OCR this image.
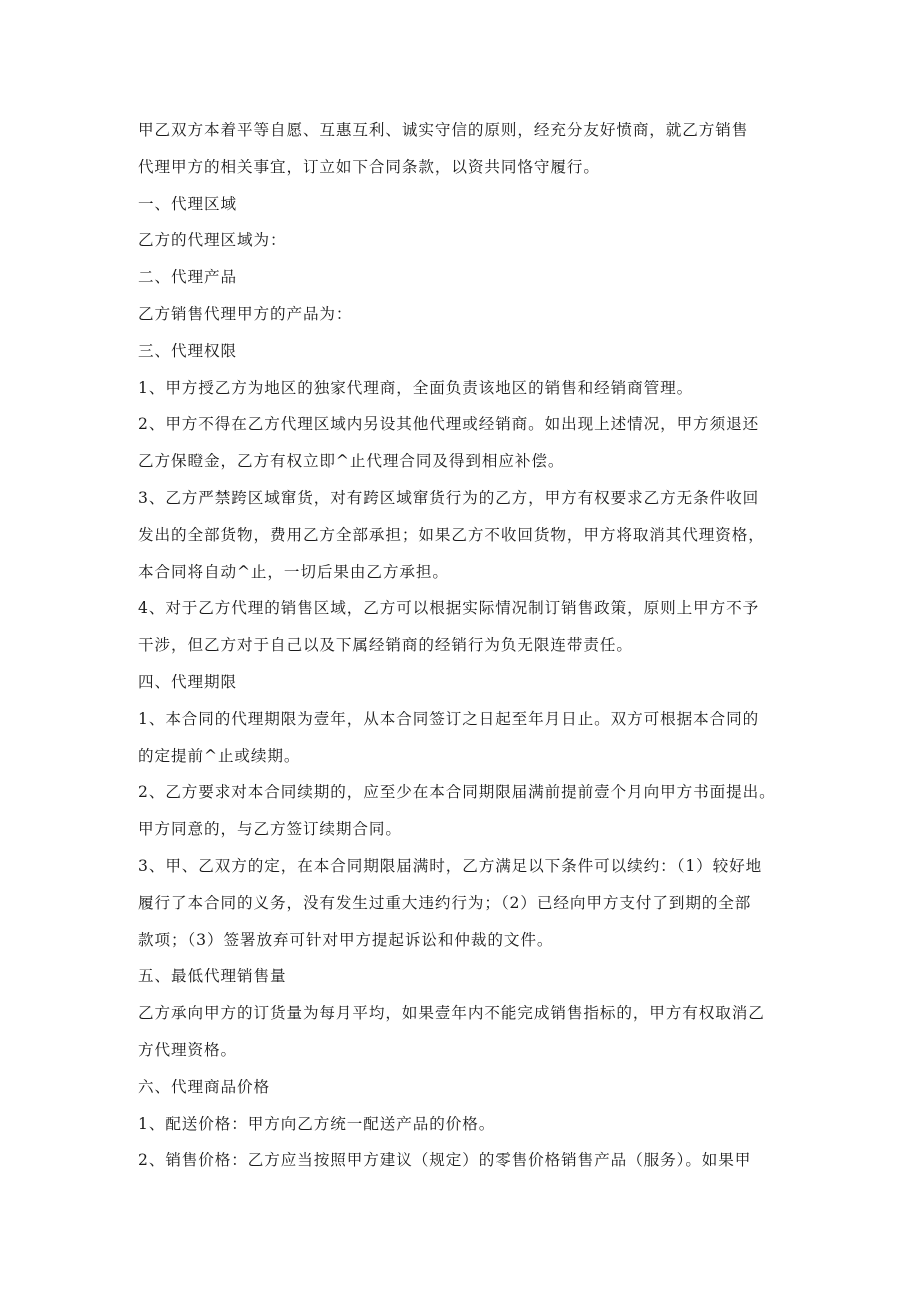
甲乙双方本着平等自愿、互惠互利、诚实守信的原则，经充分友好愤商，就乙方销售

代理甲方的相关事宜，订立如下合同条款，以资共同恪守履行。

一、代理区域

乙方的代理区域为：

二、代理产品

乙方销售代理甲方的产品为：

三、代理权限

1、甲方授乙方为地区的独家代理商，全面负责该地区的销售和经销商管理。

2、甲方不得在乙方代理区域内另设其他代理或经销商。如出现上述情况，甲方须退还

乙方保瞪金，乙方有权立即^止代理合同及得到相应补偿。

3、乙方严禁跨区域窜货，对有跨区域窜货行为的乙方，甲方有权要求乙方无条件收回

发出的全部货物，费用乙方全部承担；如果乙方不收回货物，甲方将取消其代理资格，

本合同将自动^止，一切后果由乙方承担。

4、对于乙方代理的销售区域，乙方可以根据实际情况制订销售政策，原则上甲方不予

干涉，但乙方对于自己以及下属经销商的经销行为负无限连带责任。

四、代理期限

1、本合同的代理期限为壹年，从本合同签订之日起至年月日止。双方可根据本合同的

的定提前^止或续期。

2、乙方要求对本合同续期的，应至少在本合同期限届满前提前壹个月向甲方书面提出。

甲方同意的，与乙方签订续期合同。

3、甲、乙双方的定，在本合同期限届满时，乙方满足以下条件可以续约：（1）较好地

履行了本合同的义务，没有发生过重大违约行为；（2）已经向甲方支付了到期的全部

款项；（3）签署放弃可针对甲方提起诉讼和仲裁的文件。

五、最低代理销售量

乙方承向甲方的订货量为每月平均，如果壹年内不能完成销售指标的，甲方有权取消乙

方代理资格。

六、代理商品价格

1、配送价格：甲方向乙方统一配送产品的价格。

2、销售价格：乙方应当按照甲方建议（规定）的零售价格销售产品（服务）。如果甲
